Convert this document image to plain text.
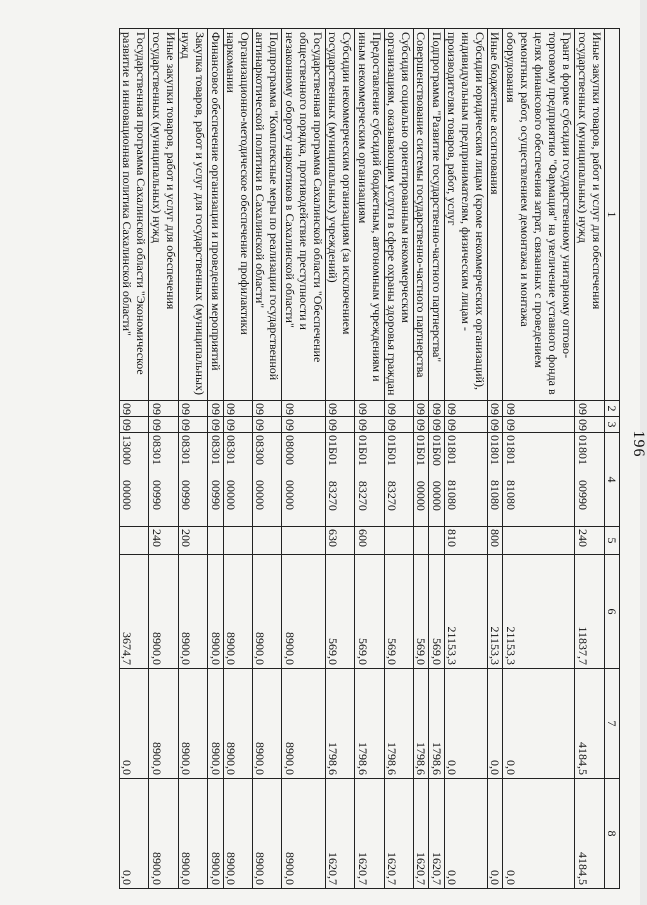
196
1	2	3	4	5	6	7	8
Иные закупки товаров, работ и услуг для обеспечения государственных (муниципальных) нужд	09	09	01801     00990	240	11837,7	4184,5	4184,5
Грант в форме субсидии государственному унитарному оптово-торговому предприятию "Фармация" на увеличение уставного фонда в целях финансового обеспечения затрат, связанных с проведением ремонтных работ, осуществлением демонтажа и монтажа оборудования	09	09	01801     81080		21153,3	0,0	0,0
Иные бюджетные ассигнования	09	09	01801     81080	800	21153,3	0,0	0,0
Субсидии юридическим лицам (кроме некоммерческих организаций), индивидуальным предпринимателям, физическим лицам - производителям товаров, работ, услуг	09	09	01801     81080	810	21153,3	0,0	0,0
Подпрограмма "Развитие государственно-частного партнерства"	09	09	01Б00     00000		569,0	1798,6	1620,7
Совершенствование системы государственно-частного партнерства	09	09	01Б01     00000		569,0	1798,6	1620,7
Субсидия социально ориентированным некоммерческим организациям, оказывающим услуги в сфере охраны здоровья граждан	09	09	01Б01     83270		569,0	1798,6	1620,7
Предоставление субсидий бюджетным, автономным учреждениям и иным некоммерческим организациям	09	09	01Б01     83270	600	569,0	1798,6	1620,7
Субсидии некоммерческим организациям (за исключением государственных (муниципальных) учреждений)	09	09	01Б01     83270	630	569,0	1798,6	1620,7
Государственная программа Сахалинской области "Обеспечение общественного порядка, противодействие преступности и незаконному обороту наркотиков в Сахалинской области"	09	09	08000     00000		8900,0	8900,0	8900,0
Подпрограмма "Комплексные меры по реализации государственной антинаркотической политики в Сахалинской области"	09	09	08300     00000		8900,0	8900,0	8900,0
Организационно-методическое обеспечение профилактики наркомании	09	09	08301     00000		8900,0	8900,0	8900,0
Финансовое обеспечение организации и проведения мероприятий	09	09	08301     00990		8900,0	8900,0	8900,0
Закупка товаров, работ и услуг для государственных (муниципальных) нужд	09	09	08301     00990	200	8900,0	8900,0	8900,0
Иные закупки товаров, работ и услуг для обеспечения государственных (муниципальных) нужд	09	09	08301     00990	240	8900,0	8900,0	8900,0
Государственная программа Сахалинской области "Экономическое развитие и инновационная политика Сахалинской области"	09	09	13000     00000		3674,7	0,0	0,0
